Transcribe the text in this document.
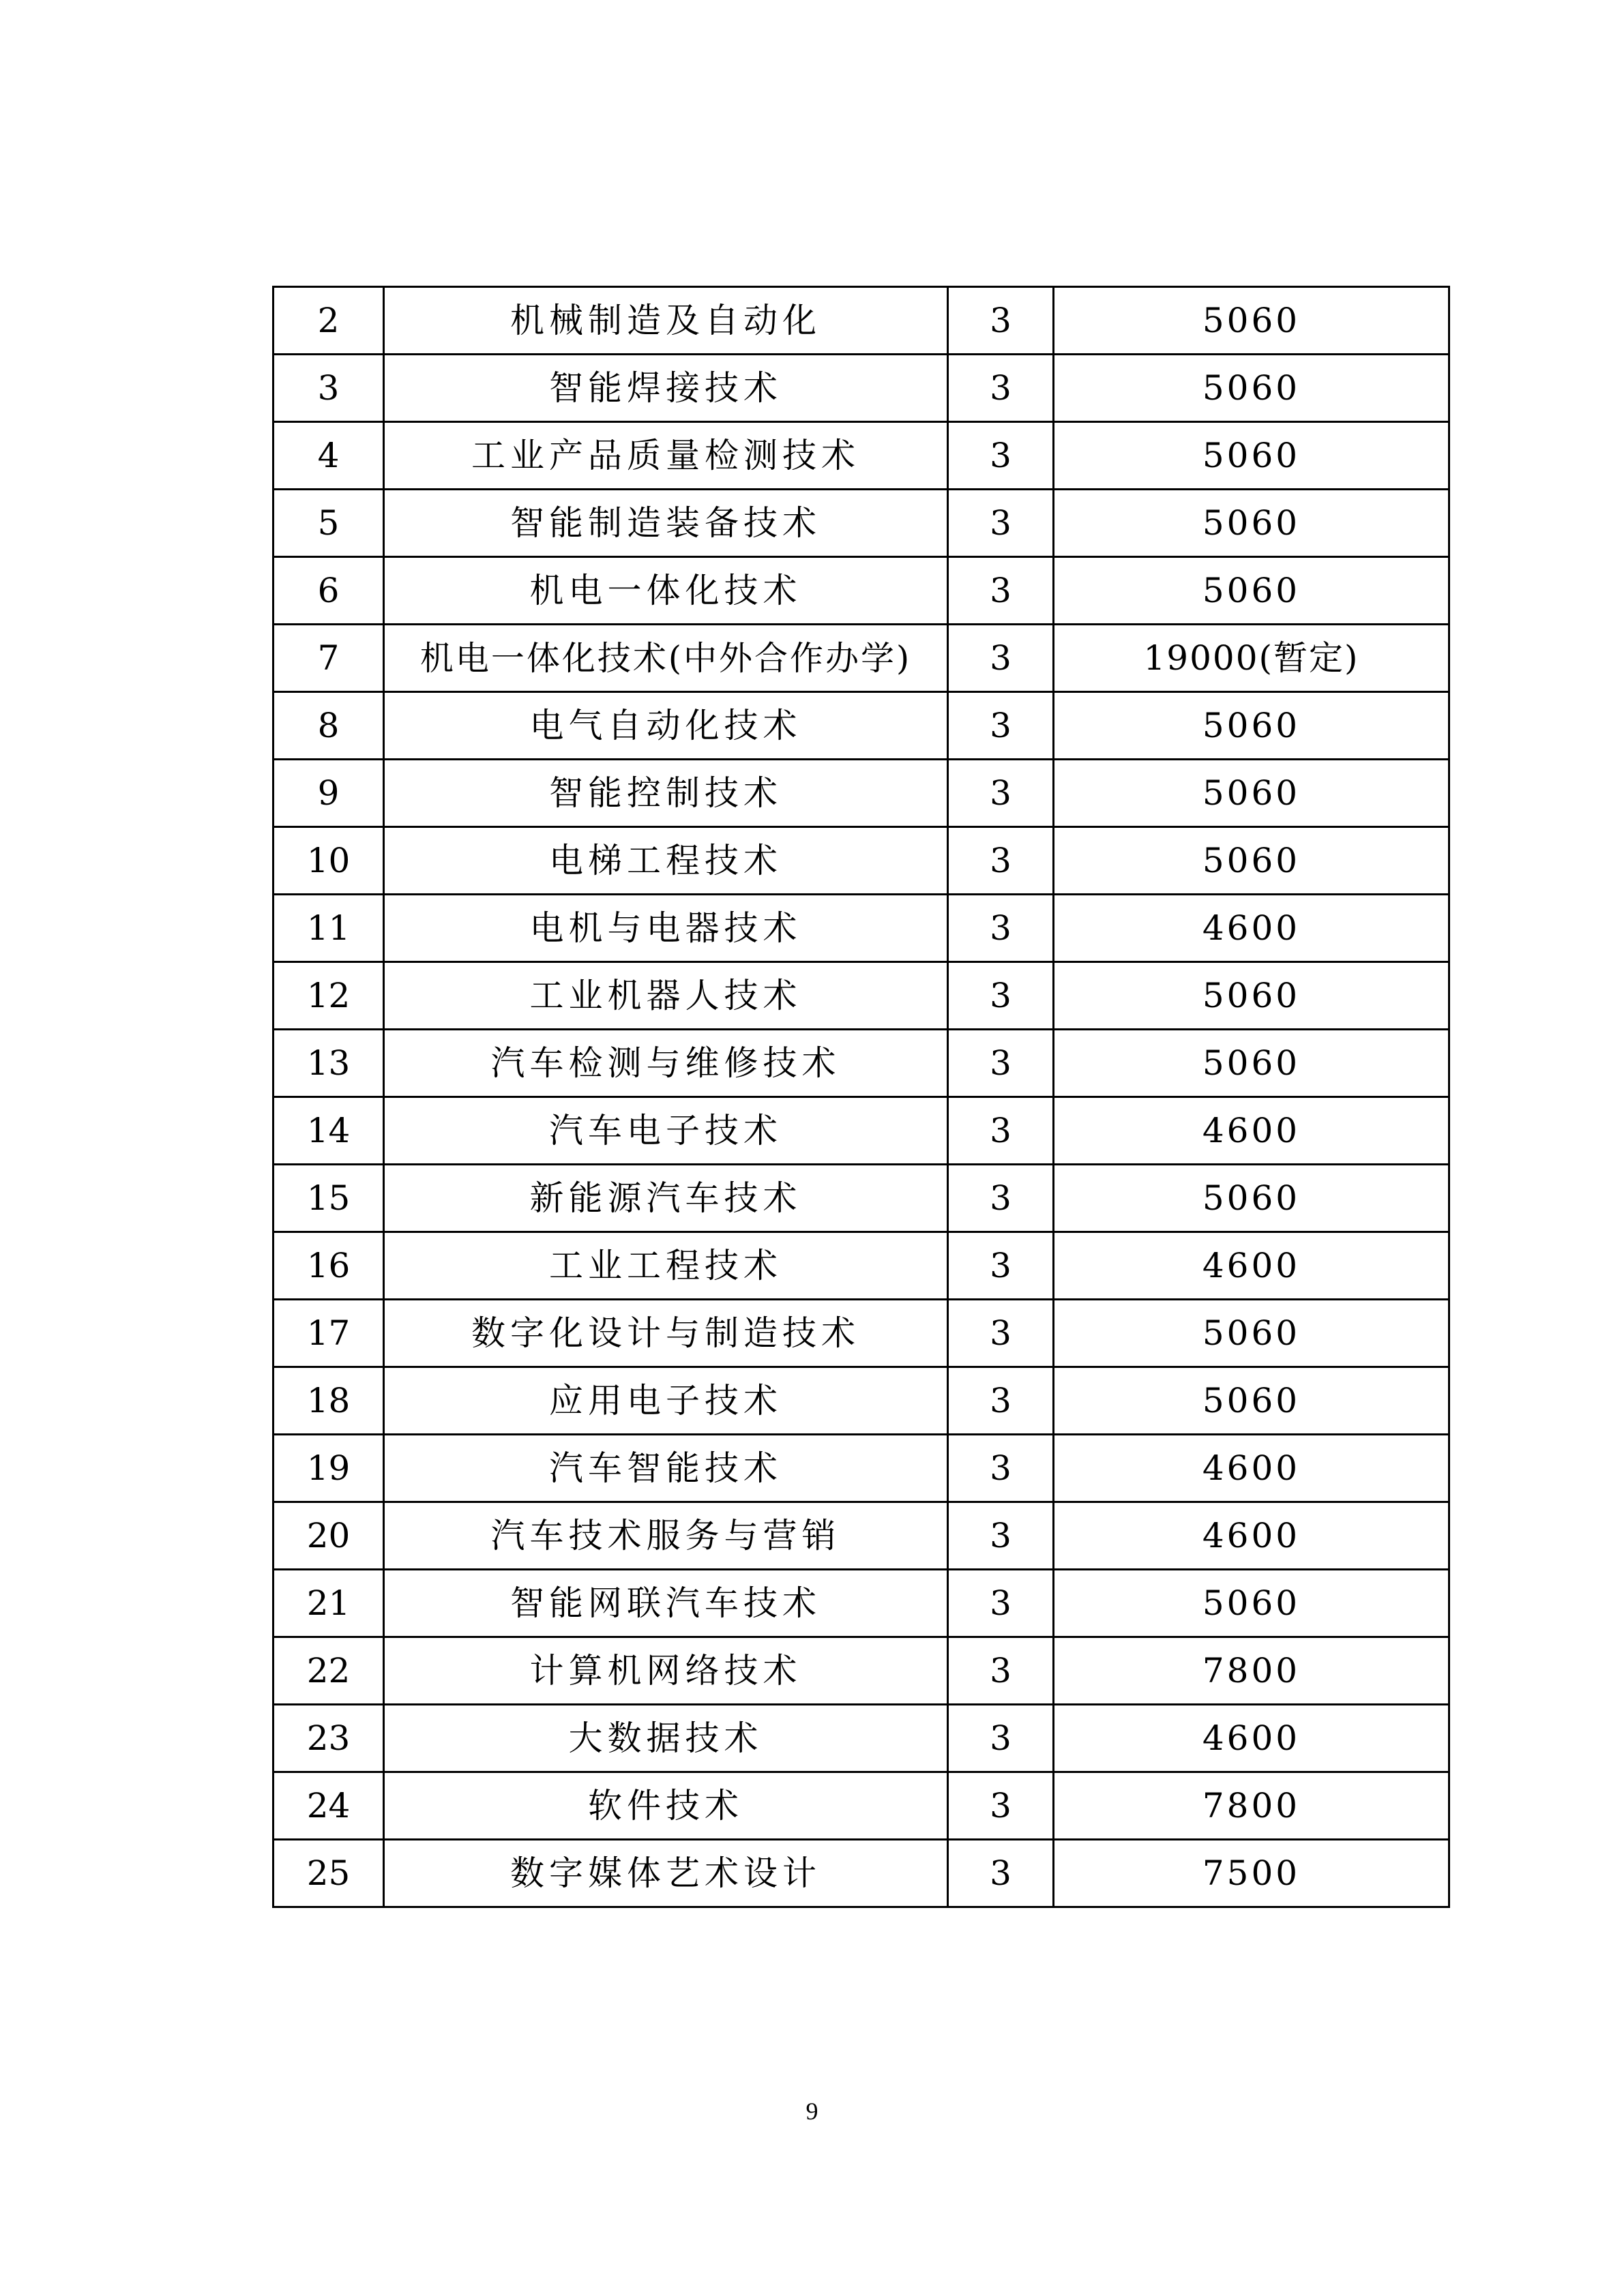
2	机械制造及自动化	3	5060
3	智能焊接技术	3	5060
4	工业产品质量检测技术	3	5060
5	智能制造装备技术	3	5060
6	机电一体化技术	3	5060
7	机电一体化技术(中外合作办学)	3	19000(暂定)
8	电气自动化技术	3	5060
9	智能控制技术	3	5060
10	电梯工程技术	3	5060
11	电机与电器技术	3	4600
12	工业机器人技术	3	5060
13	汽车检测与维修技术	3	5060
14	汽车电子技术	3	4600
15	新能源汽车技术	3	5060
16	工业工程技术	3	4600
17	数字化设计与制造技术	3	5060
18	应用电子技术	3	5060
19	汽车智能技术	3	4600
20	汽车技术服务与营销	3	4600
21	智能网联汽车技术	3	5060
22	计算机网络技术	3	7800
23	大数据技术	3	4600
24	软件技术	3	7800
25	数字媒体艺术设计	3	7500
9
